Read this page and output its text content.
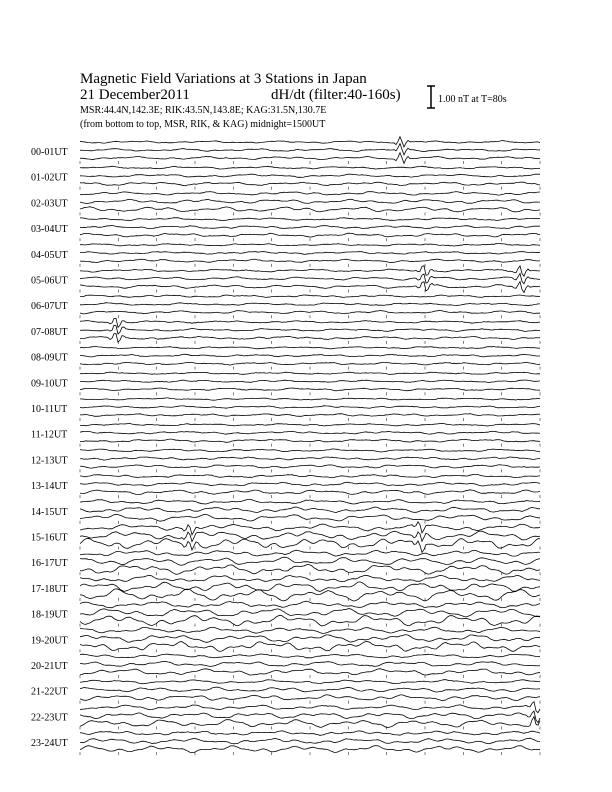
Magnetic Field Variations at 3 Stations in Japan
21 December2011	dH/dt (filter:40-160s)
MSR:44.4N,142.3E; RIK:43.5N,143.8E; KAG:31.5N,130.7E
(from bottom to top, MSR, RIK, & KAG) midnight=1500UT
1.00 nT at T=80s
00-01UT
01-02UT
02-03UT
03-04UT
04-05UT
05-06UT
06-07UT
07-08UT
08-09UT
09-10UT
10-11UT
11-12UT
12-13UT
13-14UT
14-15UT
15-16UT
16-17UT
17-18UT
18-19UT
19-20UT
20-21UT
21-22UT
22-23UT
23-24UT
